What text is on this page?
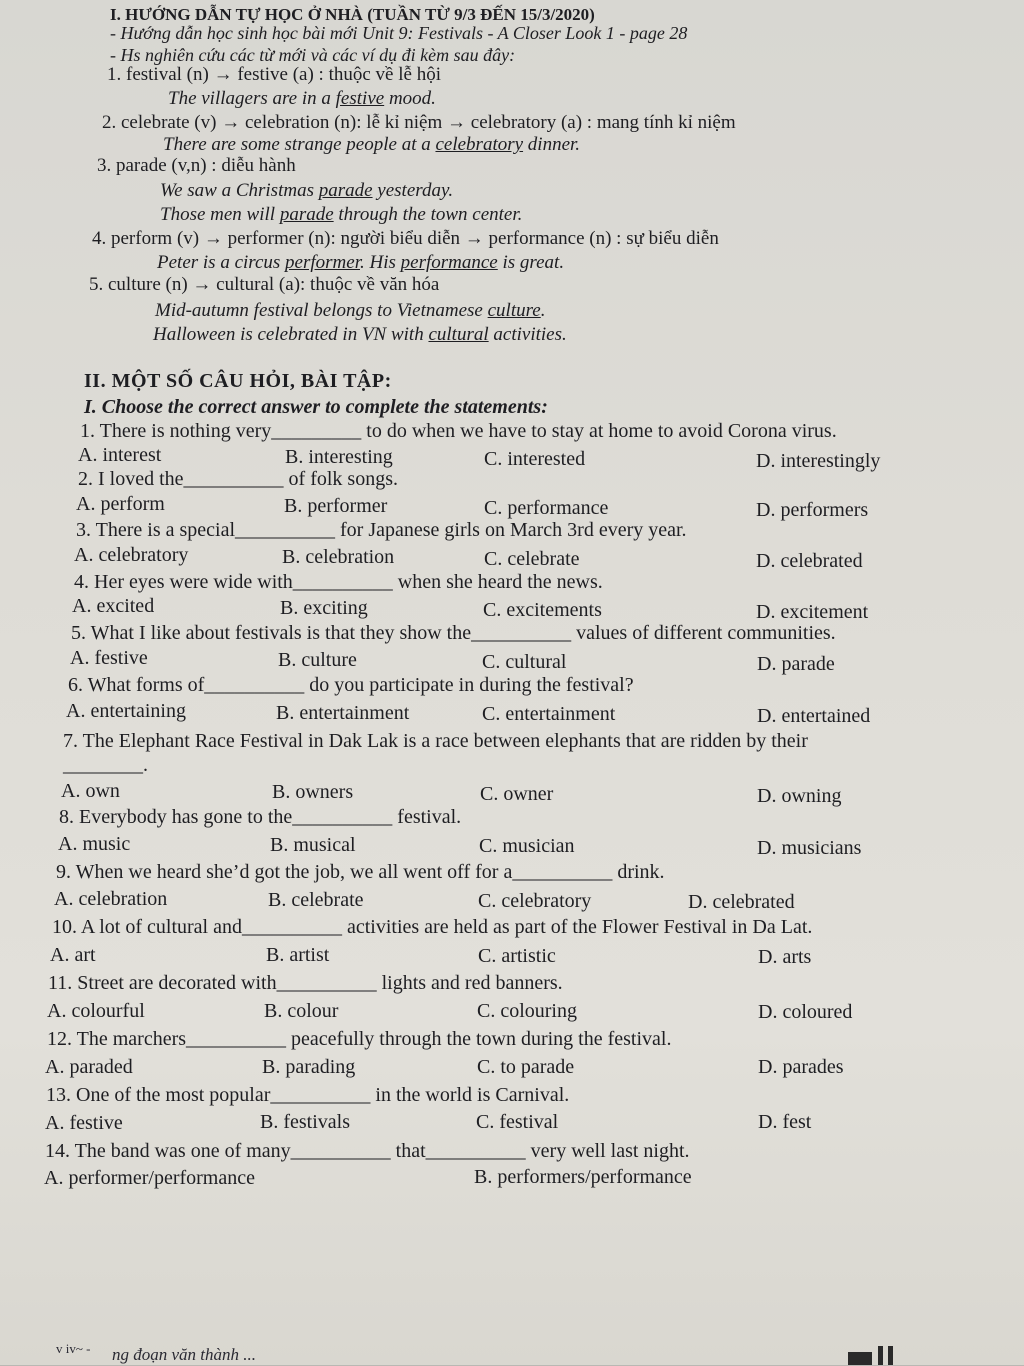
I. HƯỚNG DẪN TỰ HỌC Ở NHÀ (TUẦN TỪ 9/3 ĐẾN 15/3/2020)
- Hướng dẫn học sinh học bài mới Unit 9: Festivals - A Closer Look 1 - page 28
- Hs nghiên cứu các từ mới và các ví dụ đi kèm sau đây:
1. festival (n) → festive (a) : thuộc về lễ hội
The villagers are in a festive mood.
2. celebrate (v) → celebration (n): lễ kỉ niệm → celebratory (a) : mang tính kỉ niệm
There are some strange people at a celebratory dinner.
3. parade (v,n) : diễu hành
We saw a Christmas parade yesterday.
Those men will parade through the town center.
4. perform (v) → performer (n): người biểu diễn → performance (n) : sự biểu diễn
Peter is a circus performer. His performance is great.
5. culture (n) → cultural (a): thuộc về văn hóa
Mid-autumn festival belongs to Vietnamese culture.
Halloween is celebrated in VN with cultural activities.
II. MỘT SỐ CÂU HỎI, BÀI TẬP:
I. Choose the correct answer to complete the statements:
1. There is nothing very_________ to do when we have to stay at home to avoid Corona virus.
A. interest	B. interesting	C. interested	D. interestingly
2. I loved the__________ of folk songs.
A. perform	B. performer	C. performance	D. performers
3. There is a special__________ for Japanese girls on March 3rd every year.
A. celebratory	B. celebration	C. celebrate	D. celebrated
4. Her eyes were wide with__________ when she heard the news.
A. excited	B. exciting	C. excitements	D. excitement
5. What I like about festivals is that they show the__________ values of different communities.
A. festive	B. culture	C. cultural	D. parade
6. What forms of__________ do you participate in during the festival?
A. entertaining	B. entertainment	C. entertainment	D. entertained
7. The Elephant Race Festival in Dak Lak is a race between elephants that are ridden by their
________.
A. own	B. owners	C. owner	D. owning
8. Everybody has gone to the__________ festival.
A. music	B. musical	C. musician	D. musicians
9. When we heard she’d got the job, we all went off for a__________ drink.
A. celebration	B. celebrate	C. celebratory	D. celebrated
10. A lot of cultural and__________ activities are held as part of the Flower Festival in Da Lat.
A. art	B. artist	C. artistic	D. arts
11. Street are decorated with__________ lights and red banners.
A. colourful	B. colour	C. colouring	D. coloured
12. The marchers__________ peacefully through the town during the festival.
A. paraded	B. parading	C. to parade	D. parades
13. One of the most popular__________ in the world is Carnival.
A. festive	B. festivals	C. festival	D. fest
14. The band was one of many__________ that__________ very well last night.
A. performer/performance	B. performers/performance
v iv~ - ng đoạn văn thành ...
